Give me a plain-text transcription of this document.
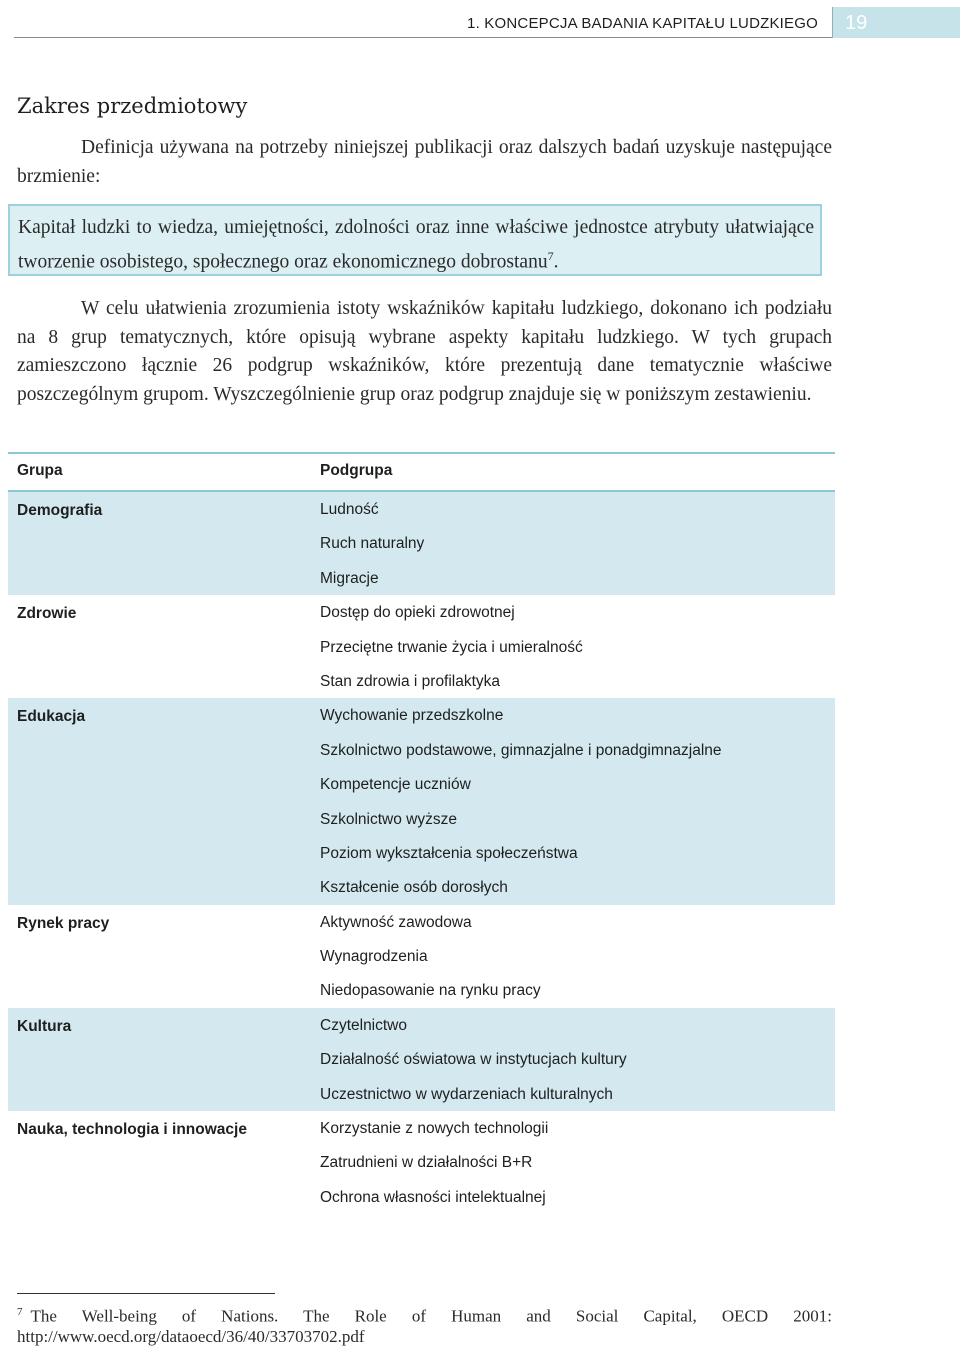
1. KONCEPCJA BADANIA KAPITAŁU LUDZKIEGO 19
Zakres przedmiotowy
Definicja używana na potrzeby niniejszej publikacji oraz dalszych badań uzyskuje następujące brzmienie:
Kapitał ludzki to wiedza, umiejętności, zdolności oraz inne właściwe jednostce atrybuty ułatwiające tworzenie osobistego, społecznego oraz ekonomicznego dobrostanu$^7$.
W celu ułatwienia zrozumienia istoty wskaźników kapitału ludzkiego, dokonano ich podziału na 8 grup tematycznych, które opisują wybrane aspekty kapitału ludzkiego. W tych grupach zamieszczono łącznie 26 podgrup wskaźników, które prezentują dane tematycznie właściwe poszczególnym grupom. Wyszczególnienie grup oraz podgrup znajduje się w poniższym zestawieniu.
Grupa	Podgrupa
Demografia	Ludność
Ruch naturalny
Migracje
Zdrowie	Dostęp do opieki zdrowotnej
Przeciętne trwanie życia i umieralność
Stan zdrowia i profilaktyka
Edukacja	Wychowanie przedszkolne
Szkolnictwo podstawowe, gimnazjalne i ponadgimnazjalne
Kompetencje uczniów
Szkolnictwo wyższe
Poziom wykształcenia społeczeństwa
Kształcenie osób dorosłych
Rynek pracy	Aktywność zawodowa
Wynagrodzenia
Niedopasowanie na rynku pracy
Kultura	Czytelnictwo
Działalność oświatowa w instytucjach kultury
Uczestnictwo w wydarzeniach kulturalnych
Nauka, technologia i innowacje	Korzystanie z nowych technologii
Zatrudnieni w działalności B+R
Ochrona własności intelektualnej
$^7$ The Well-being of Nations. The Role of Human and Social Capital, OECD 2001: http://www.oecd.org/dataoecd/36/40/33703702.pdf
